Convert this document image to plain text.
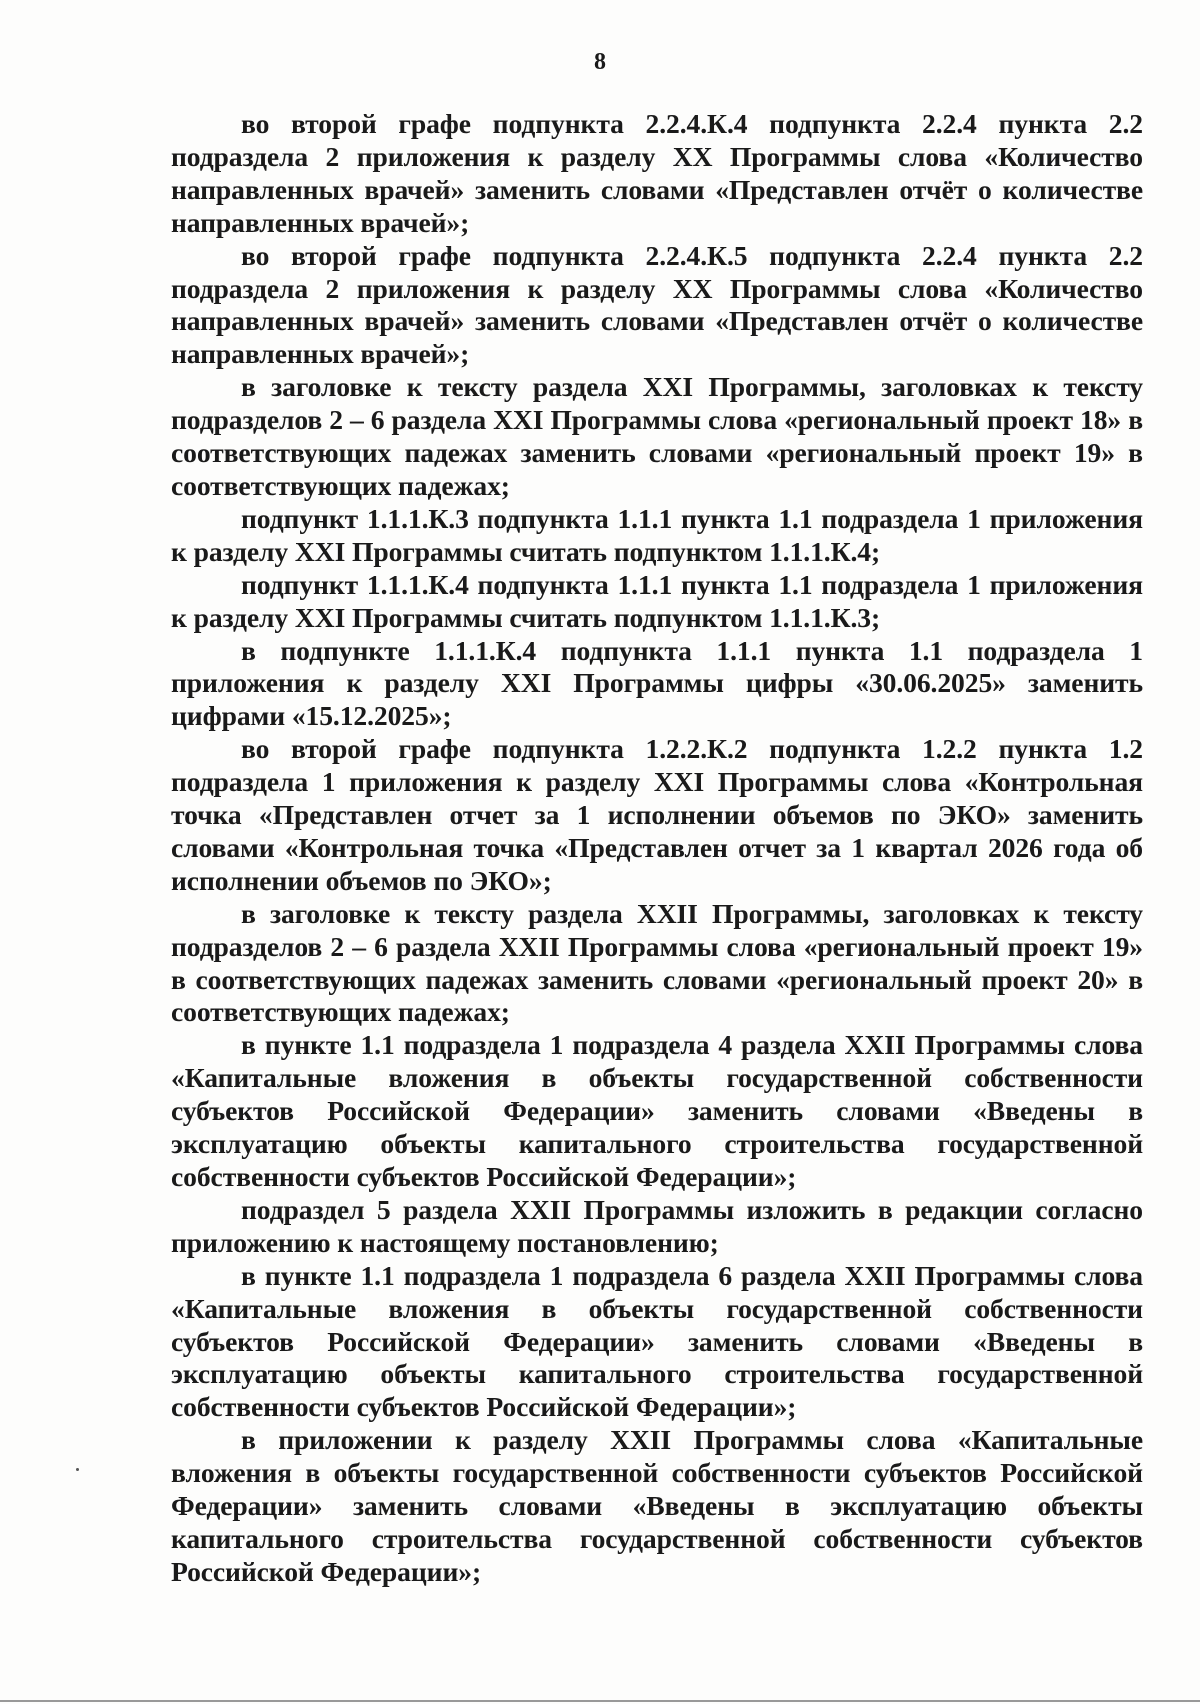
8

во второй графе подпункта 2.2.4.К.4 подпункта 2.2.4 пункта 2.2 подраздела 2 приложения к разделу XX Программы слова «Количество направленных врачей» заменить словами «Представлен отчёт о количестве направленных врачей»;

во второй графе подпункта 2.2.4.К.5 подпункта 2.2.4 пункта 2.2 подраздела 2 приложения к разделу XX Программы слова «Количество направленных врачей» заменить словами «Представлен отчёт о количестве направленных врачей»;

в заголовке к тексту раздела XXI Программы, заголовках к тексту подразделов 2 – 6 раздела XXI Программы слова «региональный проект 18» в соответствующих падежах заменить словами «региональный проект 19» в соответствующих падежах;

подпункт 1.1.1.К.3 подпункта 1.1.1 пункта 1.1 подраздела 1 приложения к разделу XXI Программы считать подпунктом 1.1.1.К.4;

подпункт 1.1.1.К.4 подпункта 1.1.1 пункта 1.1 подраздела 1 приложения к разделу XXI Программы считать подпунктом 1.1.1.К.3;

в подпункте 1.1.1.К.4 подпункта 1.1.1 пункта 1.1 подраздела 1 приложения к разделу XXI Программы цифры «30.06.2025» заменить цифрами «15.12.2025»;

во второй графе подпункта 1.2.2.К.2 подпункта 1.2.2 пункта 1.2 подраздела 1 приложения к разделу XXI Программы слова «Контрольная точка «Представлен отчет за 1 исполнении объемов по ЭКО» заменить словами «Контрольная точка «Представлен отчет за 1 квартал 2026 года об исполнении объемов по ЭКО»;

в заголовке к тексту раздела XXII Программы, заголовках к тексту подразделов 2 – 6 раздела XXII Программы слова «региональный проект 19» в соответствующих падежах заменить словами «региональный проект 20» в соответствующих падежах;

в пункте 1.1 подраздела 1 подраздела 4 раздела XXII Программы слова «Капитальные вложения в объекты государственной собственности субъектов Российской Федерации» заменить словами «Введены в эксплуатацию объекты капитального строительства государственной собственности субъектов Российской Федерации»;

подраздел 5 раздела XXII Программы изложить в редакции согласно приложению к настоящему постановлению;

в пункте 1.1 подраздела 1 подраздела 6 раздела XXII Программы слова «Капитальные вложения в объекты государственной собственности субъектов Российской Федерации» заменить словами «Введены в эксплуатацию объекты капитального строительства государственной собственности субъектов Российской Федерации»;

в приложении к разделу XXII Программы слова «Капитальные вложения в объекты государственной собственности субъектов Российской Федерации» заменить словами «Введены в эксплуатацию объекты капитального строительства государственной собственности субъектов Российской Федерации»;
